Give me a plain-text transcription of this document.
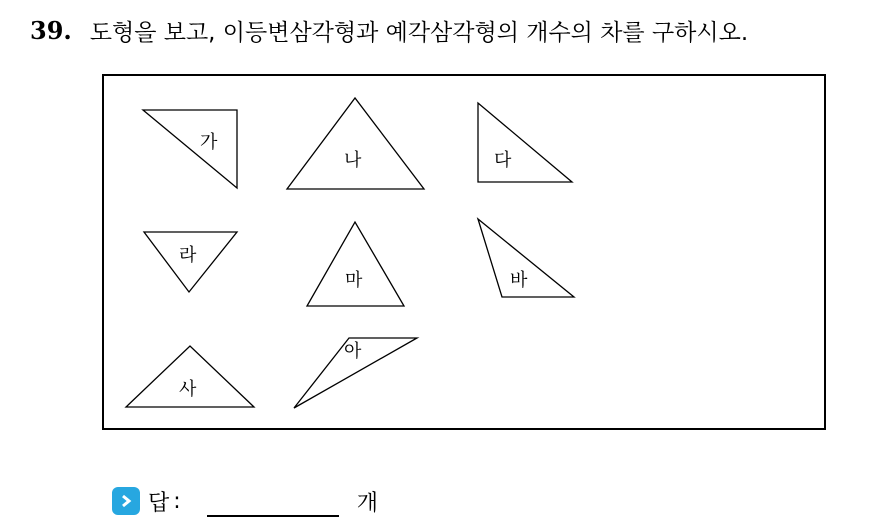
39. 도형을 보고, 이등변삼각형과 예각삼각형의 개수의 차를 구하시오.
가
나	다
라
마	바
사
아
답 :	개
